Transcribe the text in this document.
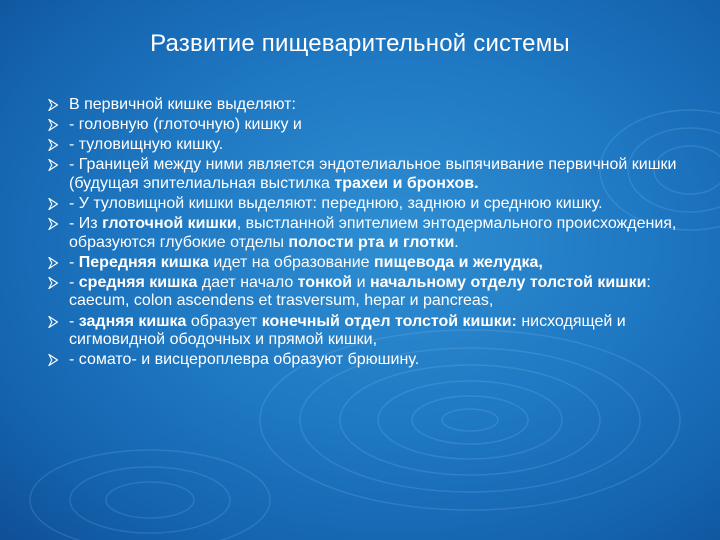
Развитие пищеварительной системы
В первичной кишке выделяют:
- головную (глоточную) кишку и
- туловищную кишку.
- Границей между ними является эндотелиальное выпячивание первичной кишки (будущая эпителиальная выстилка трахеи и бронхов.
- У туловищной кишки выделяют: переднюю, заднюю и среднюю кишку.
- Из глоточной кишки, выстланной эпителием энтодермального происхождения, образуются глубокие отделы полости рта и глотки.
- Передняя кишка идет на образование пищевода и желудка,
- средняя кишка дает начало тонкой и начальному отделу толстой кишки: caecum, colon ascendens et trasversum, hepar и pancreas,
- задняя кишка образует конечный отдел толстой кишки: нисходящей и сигмовидной ободочных и прямой кишки,
- сомато- и висцероплевра образуют брюшину.
